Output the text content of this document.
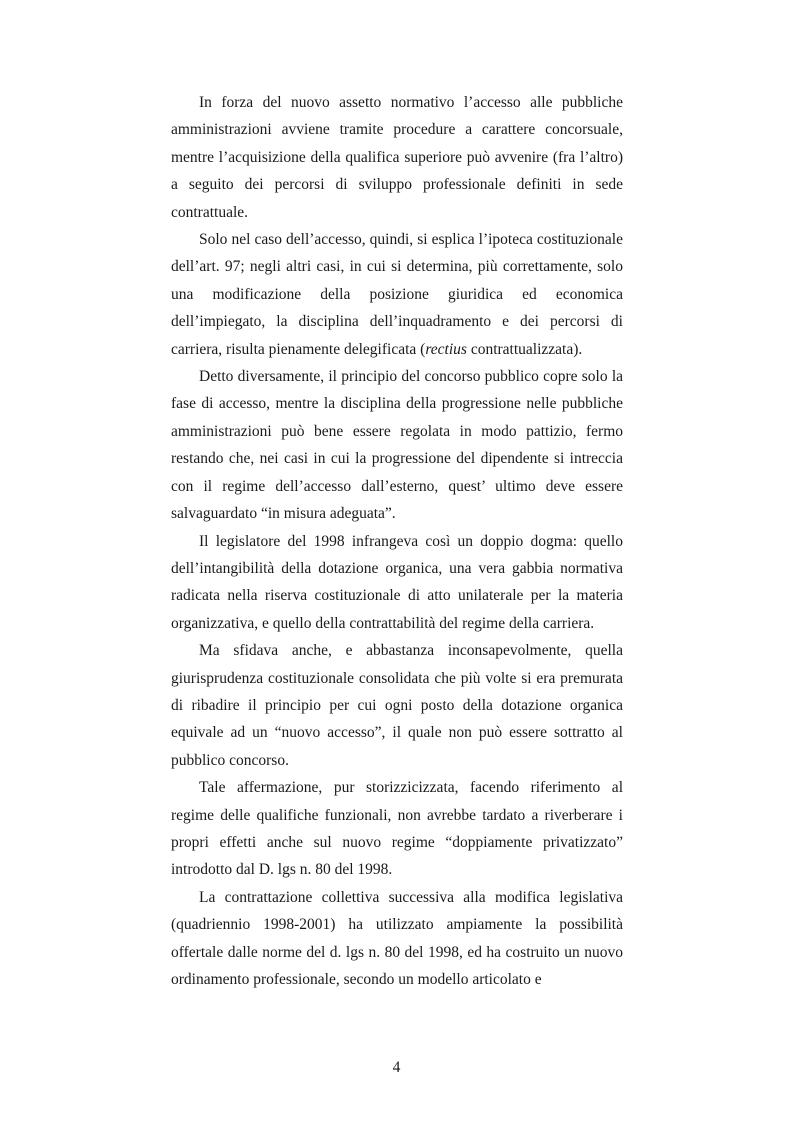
In forza del nuovo assetto normativo l’accesso alle pubbliche amministrazioni avviene tramite procedure a carattere concorsuale, mentre l’acquisizione della qualifica superiore può avvenire (fra l’altro) a seguito dei percorsi di sviluppo professionale definiti in sede contrattuale.

Solo nel caso dell’accesso, quindi, si esplica l’ipoteca costituzionale dell’art. 97; negli altri casi, in cui si determina, più correttamente, solo una modificazione della posizione giuridica ed economica dell’impiegato, la disciplina dell’inquadramento e dei percorsi di carriera, risulta pienamente delegificata (rectius contrattualizzata).

Detto diversamente, il principio del concorso pubblico copre solo la fase di accesso, mentre la disciplina della progressione nelle pubbliche amministrazioni può bene essere regolata in modo pattizio, fermo restando che, nei casi in cui la progressione del dipendente si intreccia con il regime dell’accesso dall’esterno, quest’ ultimo deve essere salvaguardato “in misura adeguata”.

Il legislatore del 1998 infrangeva così un doppio dogma: quello dell’intangibilità della dotazione organica, una vera gabbia normativa radicata nella riserva costituzionale di atto unilaterale per la materia organizzativa, e quello della contrattabilità del regime della carriera.

Ma sfidava anche, e abbastanza inconsapevolmente, quella giurisprudenza costituzionale consolidata che più volte si era premurata di ribadire il principio per cui ogni posto della dotazione organica equivale ad un “nuovo accesso”, il quale non può essere sottratto al pubblico concorso.

Tale affermazione, pur storizzicizzata, facendo riferimento al regime delle qualifiche funzionali, non avrebbe tardato a riverberare i propri effetti anche sul nuovo regime “doppiamente privatizzato” introdotto dal D. lgs n. 80 del 1998.

La contrattazione collettiva successiva alla modifica legislativa (quadriennio 1998-2001) ha utilizzato ampiamente la possibilità offertale dalle norme del d. lgs n. 80 del 1998, ed ha costruito un nuovo ordinamento professionale, secondo un modello articolato e

4
